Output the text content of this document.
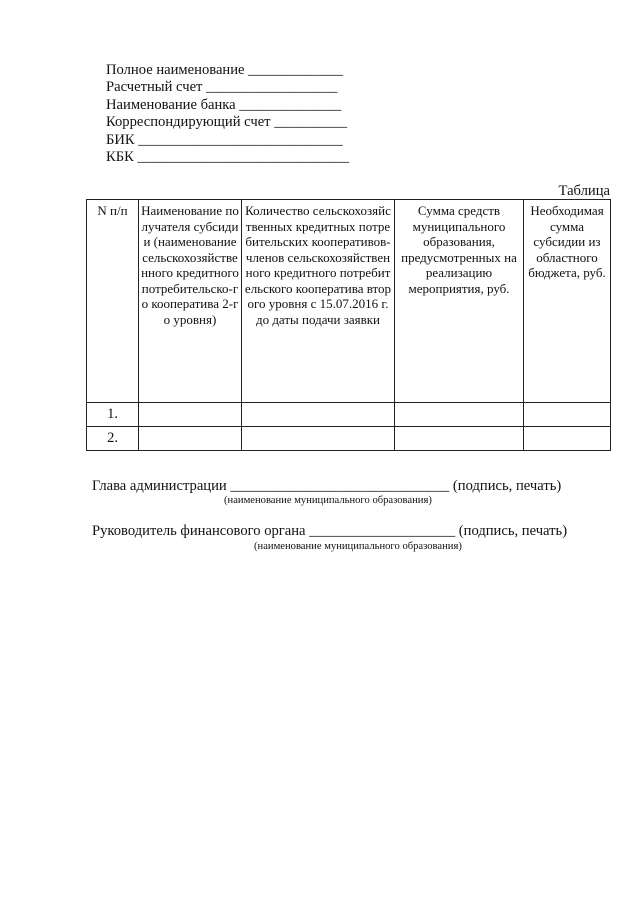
Полное наименование _____________
Расчетный счет __________________
Наименование банка ______________
Корреспондирующий счет __________
БИК ____________________________
КБК _____________________________
Таблица
N п/п	Наименование получателя субсидии (наименование сельскохозяйственного кредитного потребительско-го кооператива 2-го уровня)	Количество сельскохозяйственных кредитных потребительских кооперативов-членов сельскохозяйственного кредитного потребительского кооператива второго уровня с 15.07.2016 г. до даты подачи заявки	Сумма средств муниципального образования, предусмотренных на реализацию мероприятия, руб.	Необходимая сумма субсидии из областного бюджета, руб.
1.				
2.				
Глава администрации ______________________________ (подпись, печать)
(наименование муниципального образования)
Руководитель финансового органа ____________________ (подпись, печать)
(наименование муниципального образования)
